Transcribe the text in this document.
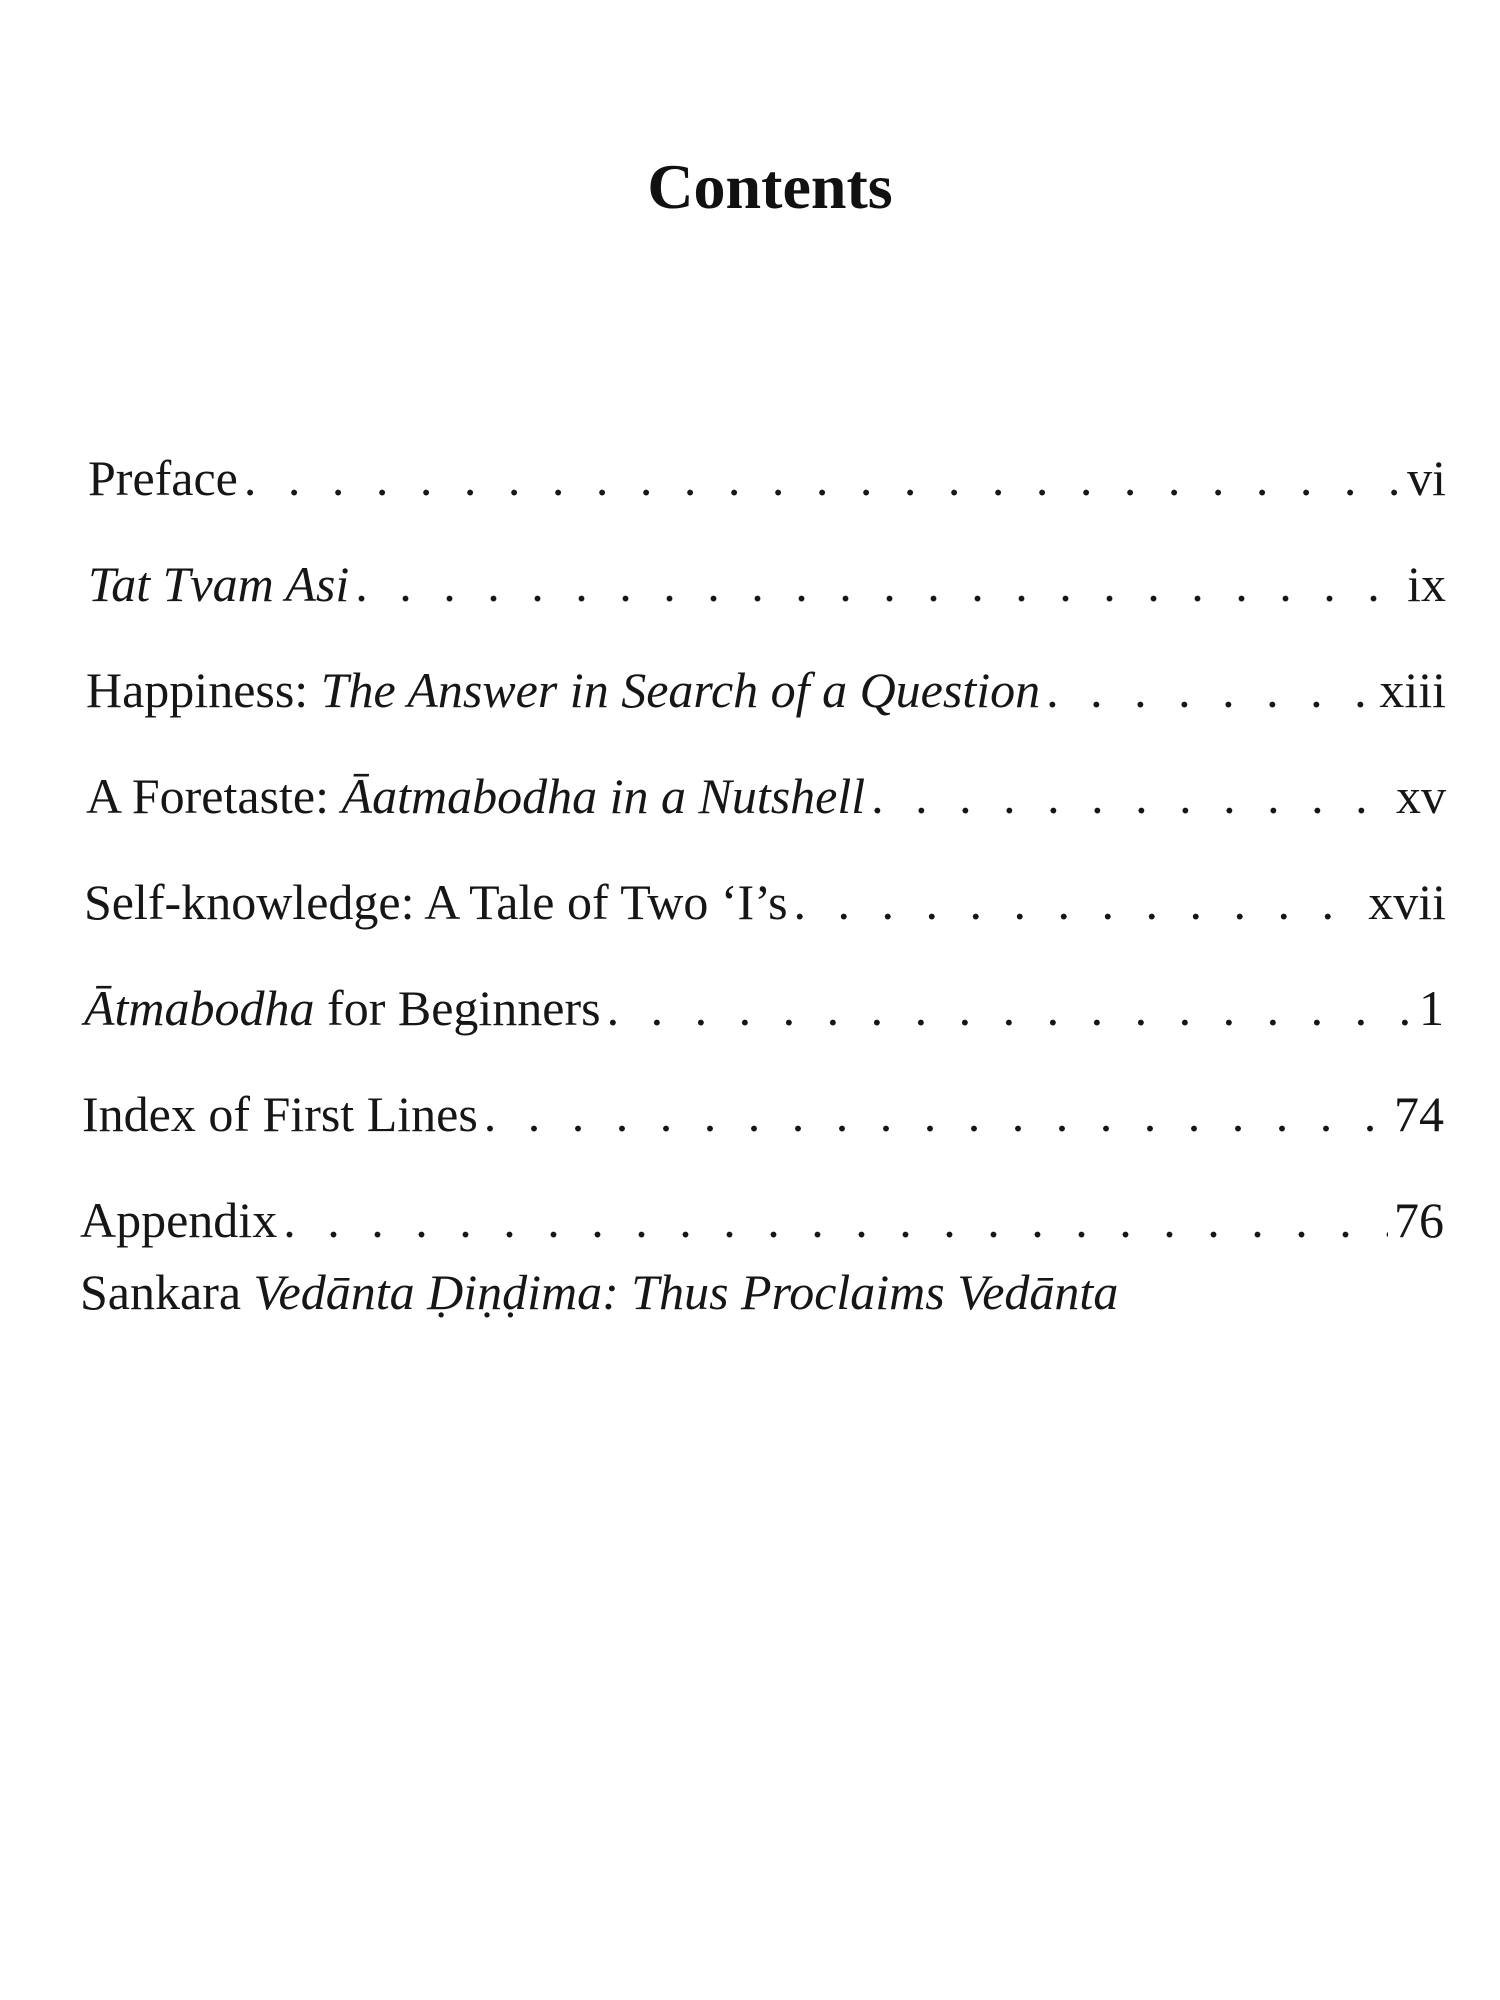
Contents
Preface . . .	vi
Tat Tvam Asi . . .	ix
Happiness: The Answer in Search of a Question . . .	xiii
A Foretaste: Āatmabodha in a Nutshell . . .	xv
Self-knowledge: A Tale of Two ‘I’s . . .	xvii
Ātmabodha for Beginners . . .	1
Index of First Lines . . .	74
Appendix . . .	76
Sankara Vedānta Ḍiṇḍima: Thus Proclaims Vedānta
